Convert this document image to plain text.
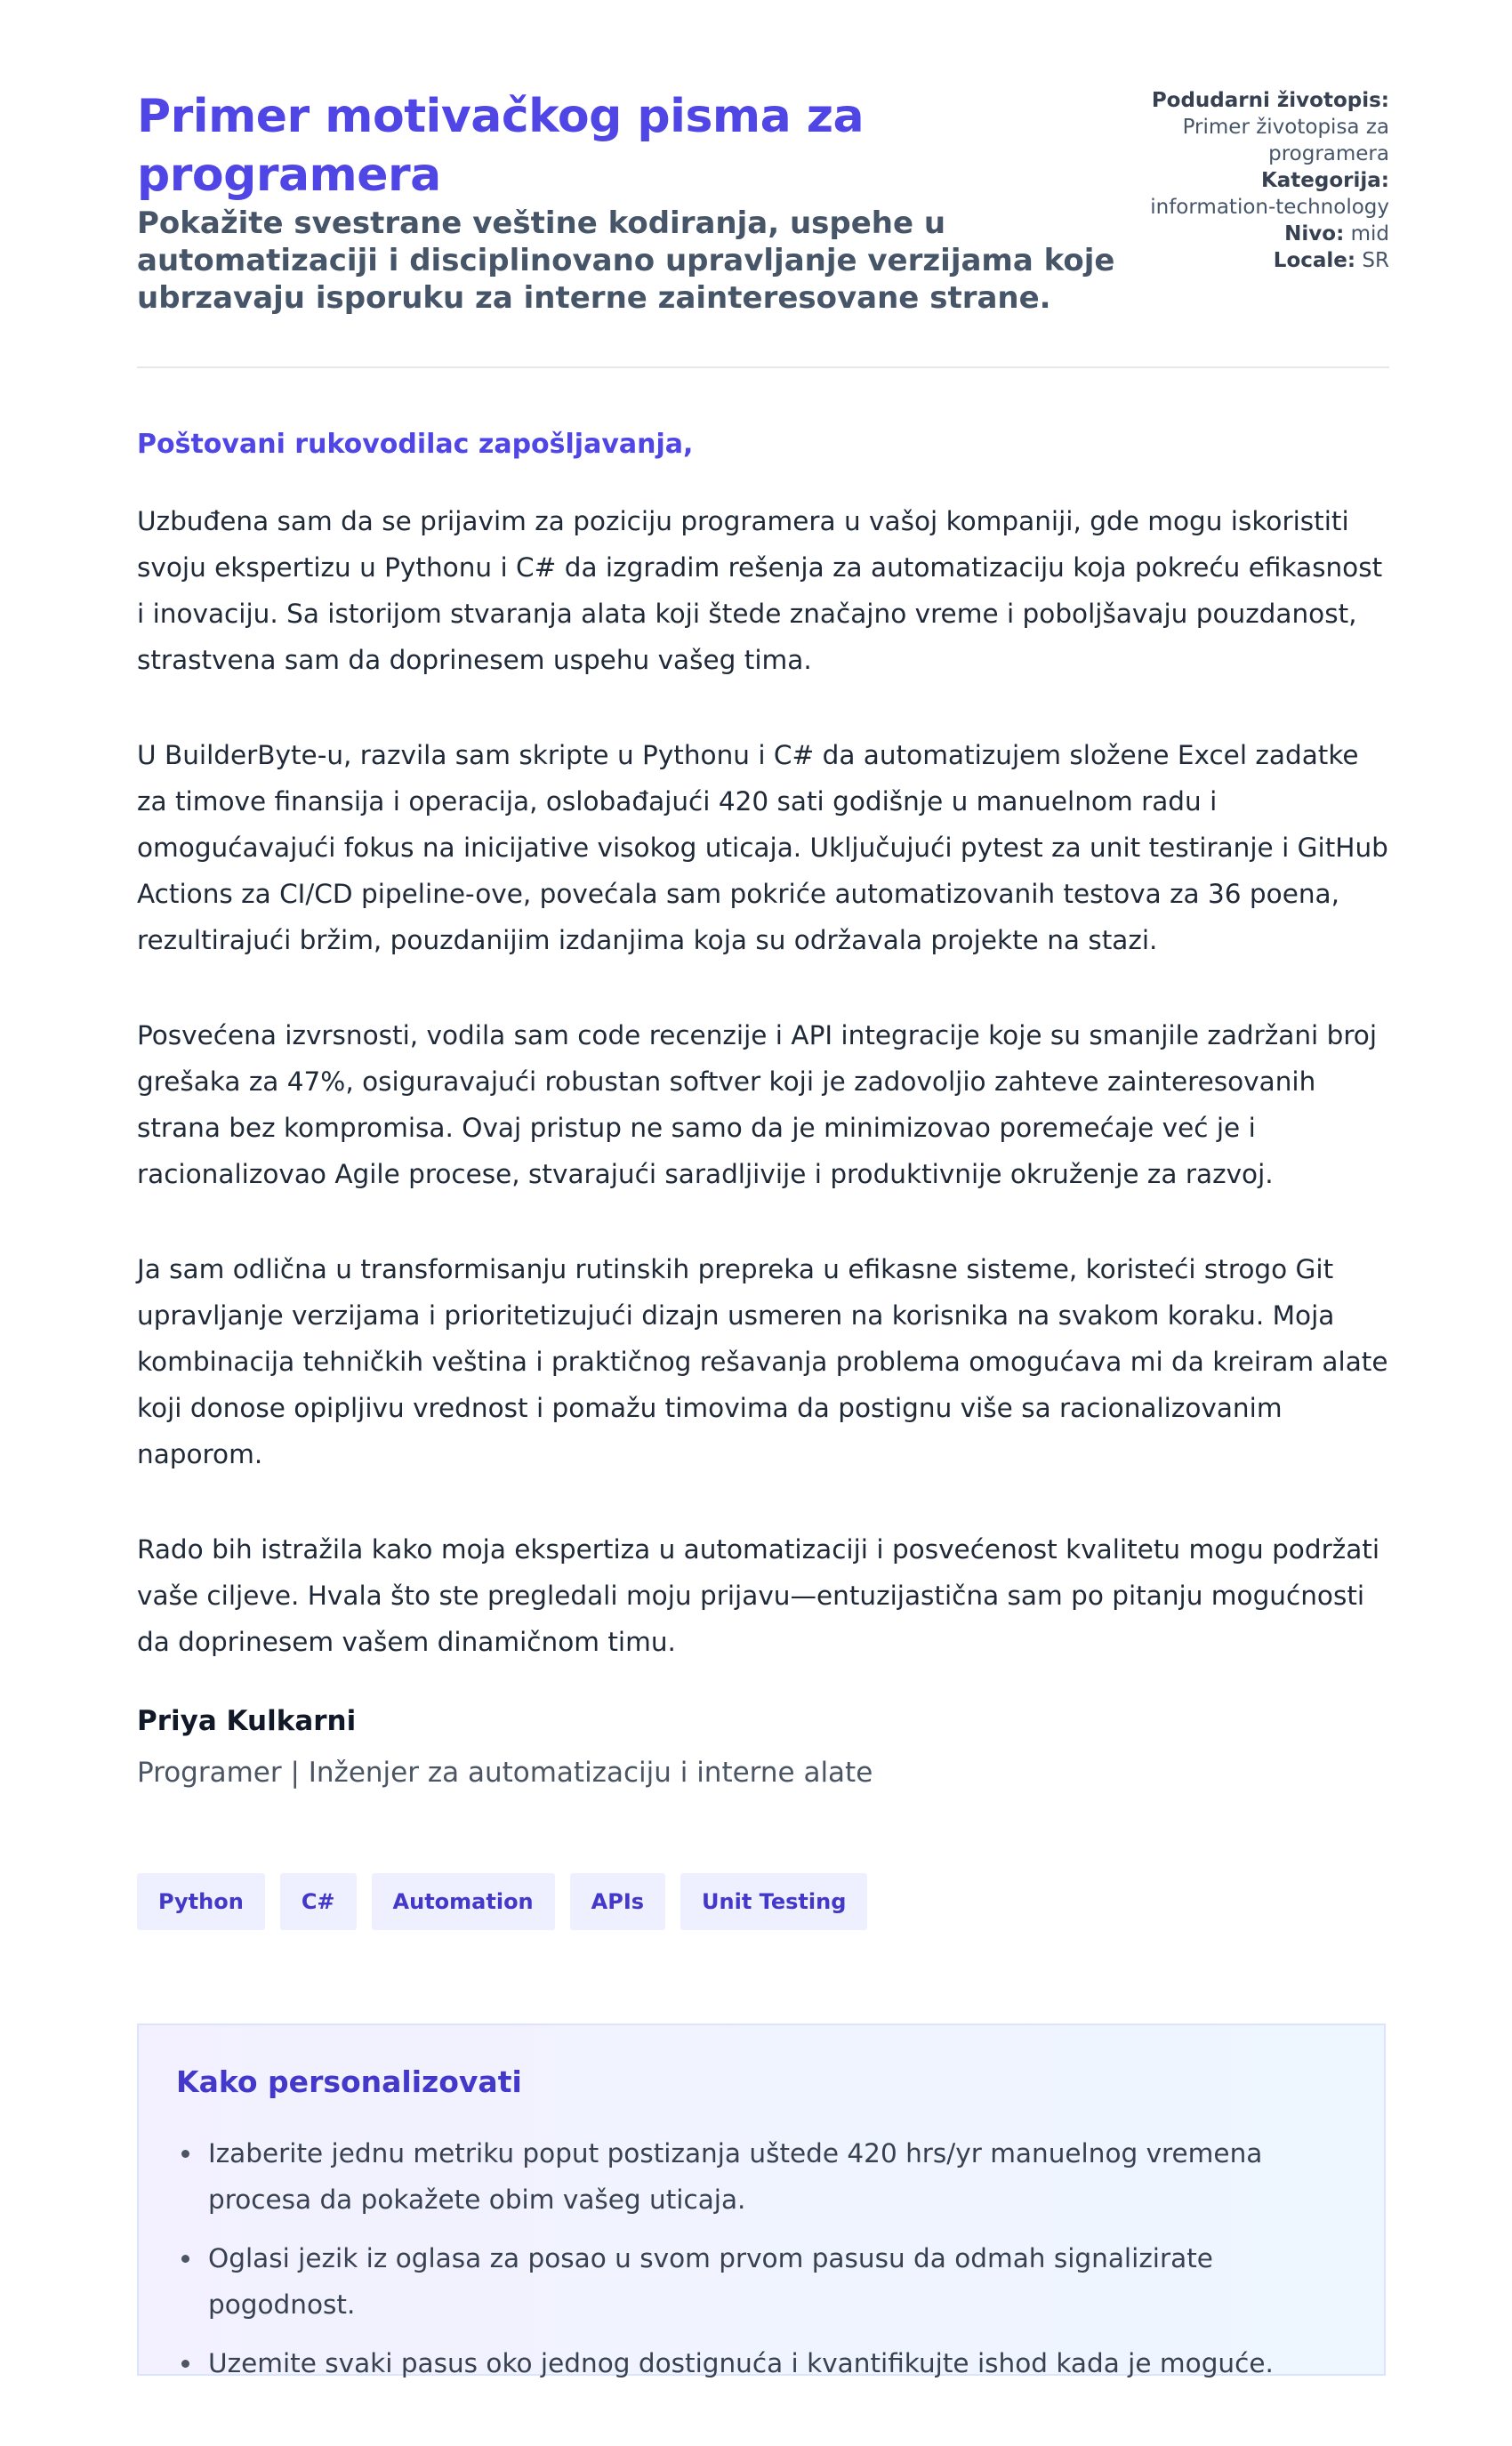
Primer motivačkog pisma za programera

Pokažite svestrane veštine kodiranja, uspehe u automatizaciji i disciplinovano upravljanje verzijama koje ubrzavaju isporuku za interne zainteresovane strane.

Podudarni životopis:
Primer životopisa za programera
Kategorija:
information-technology
Nivo: mid
Locale: SR

Poštovani rukovodilac zapošljavanja,

Uzbuđena sam da se prijavim za poziciju programera u vašoj kompaniji, gde mogu iskoristiti svoju ekspertizu u Pythonu i C# da izgradim rešenja za automatizaciju koja pokreću efikasnost i inovaciju. Sa istorijom stvaranja alata koji štede značajno vreme i poboljšavaju pouzdanost, strastvena sam da doprinesem uspehu vašeg tima.

U BuilderByte-u, razvila sam skripte u Pythonu i C# da automatizujem složene Excel zadatke za timove finansija i operacija, oslobađajući 420 sati godišnje u manuelnom radu i omogućavajući fokus na inicijative visokog uticaja. Uključujući pytest za unit testiranje i GitHub Actions za CI/CD pipeline-ove, povećala sam pokriće automatizovanih testova za 36 poena, rezultirajući bržim, pouzdanijim izdanjima koja su održavala projekte na stazi.

Posvećena izvrsnosti, vodila sam code recenzije i API integracije koje su smanjile zadržani broj grešaka za 47%, osiguravajući robustan softver koji je zadovoljio zahteve zainteresovanih strana bez kompromisa. Ovaj pristup ne samo da je minimizovao poremećaje već je i racionalizovao Agile procese, stvarajući saradljivije i produktivnije okruženje za razvoj.

Ja sam odlična u transformisanju rutinskih prepreka u efikasne sisteme, koristeći strogo Git upravljanje verzijama i prioritetizujući dizajn usmeren na korisnika na svakom koraku. Moja kombinacija tehničkih veština i praktičnog rešavanja problema omogućava mi da kreiram alate koji donose opipljivu vrednost i pomažu timovima da postignu više sa racionalizovanim naporom.

Rado bih istražila kako moja ekspertiza u automatizaciji i posvećenost kvalitetu mogu podržati vaše ciljeve. Hvala što ste pregledali moju prijavu—entuzijastična sam po pitanju mogućnosti da doprinesem vašem dinamičnom timu.

Priya Kulkarni

Programer | Inženjer za automatizaciju i interne alate

Python	C#	Automation	APIs	Unit Testing
Kako personalizovati
Izaberite jednu metriku poput postizanja uštede 420 hrs/yr manuelnog vremena procesa da pokažete obim vašeg uticaja.
Oglasi jezik iz oglasa za posao u svom prvom pasusu da odmah signalizirate pogodnost.
Uzemite svaki pasus oko jednog dostignuća i kvantifikujte ishod kada je moguće.
